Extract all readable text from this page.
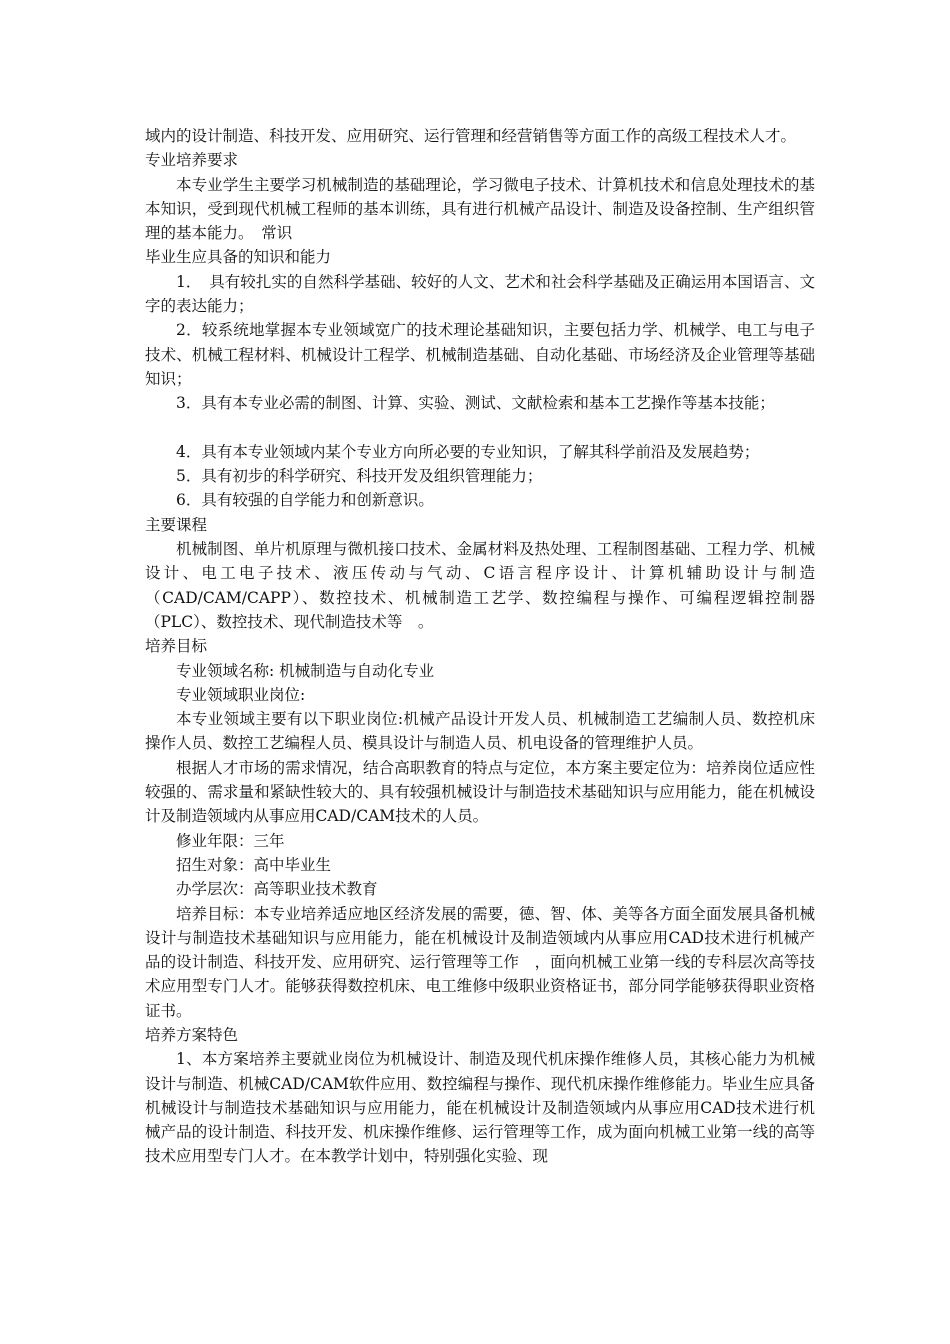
域内的设计制造、科技开发、应用研究、运行管理和经营销售等方面工作的高级工程技术人才。

专业培养要求

本专业学生主要学习机械制造的基础理论，学习微电子技术、计算机技术和信息处理技术的基本知识，受到现代机械工程师的基本训练，具有进行机械产品设计、制造及设备控制、生产组织管理的基本能力。　常识

毕业生应具备的知识和能力

1．　具有较扎实的自然科学基础、较好的人文、艺术和社会科学基础及正确运用本国语言、文字的表达能力；

2．较系统地掌握本专业领域宽广的技术理论基础知识，主要包括力学、机械学、电工与电子技术、机械工程材料、机械设计工程学、机械制造基础、自动化基础、市场经济及企业管理等基础知识；

3．具有本专业必需的制图、计算、实验、测试、文献检索和基本工艺操作等基本技能；

4．具有本专业领域内某个专业方向所必要的专业知识，了解其科学前沿及发展趋势；

5．具有初步的科学研究、科技开发及组织管理能力；

6．具有较强的自学能力和创新意识。

主要课程

机械制图、单片机原理与微机接口技术、金属材料及热处理、工程制图基础、工程力学、机械设计、电工电子技术、液压传动与气动、C语言程序设计、计算机辅助设计与制造（CAD/CAM/CAPP）、数控技术、机械制造工艺学、数控编程与操作、可编程逻辑控制器（PLC）、数控技术、现代制造技术等　。

培养目标

专业领域名称: 机械制造与自动化专业

专业领域职业岗位:

本专业领域主要有以下职业岗位:机械产品设计开发人员、机械制造工艺编制人员、数控机床操作人员、数控工艺编程人员、模具设计与制造人员、机电设备的管理维护人员。

根据人才市场的需求情况，结合高职教育的特点与定位，本方案主要定位为：培养岗位适应性较强的、需求量和紧缺性较大的、具有较强机械设计与制造技术基础知识与应用能力，能在机械设计及制造领域内从事应用CAD/CAM技术的人员。

修业年限：三年

招生对象：高中毕业生

办学层次：高等职业技术教育

培养目标：本专业培养适应地区经济发展的需要，德、智、体、美等各方面全面发展具备机械设计与制造技术基础知识与应用能力，能在机械设计及制造领域内从事应用CAD技术进行机械产品的设计制造、科技开发、应用研究、运行管理等工作　，面向机械工业第一线的专科层次高等技术应用型专门人才。能够获得数控机床、电工维修中级职业资格证书，部分同学能够获得职业资格证书。

培养方案特色

1、本方案培养主要就业岗位为机械设计、制造及现代机床操作维修人员，其核心能力为机械设计与制造、机械CAD/CAM软件应用、数控编程与操作、现代机床操作维修能力。毕业生应具备机械设计与制造技术基础知识与应用能力，能在机械设计及制造领域内从事应用CAD技术进行机械产品的设计制造、科技开发、机床操作维修、运行管理等工作，成为面向机械工业第一线的高等技术应用型专门人才。在本教学计划中，特别强化实验、现
